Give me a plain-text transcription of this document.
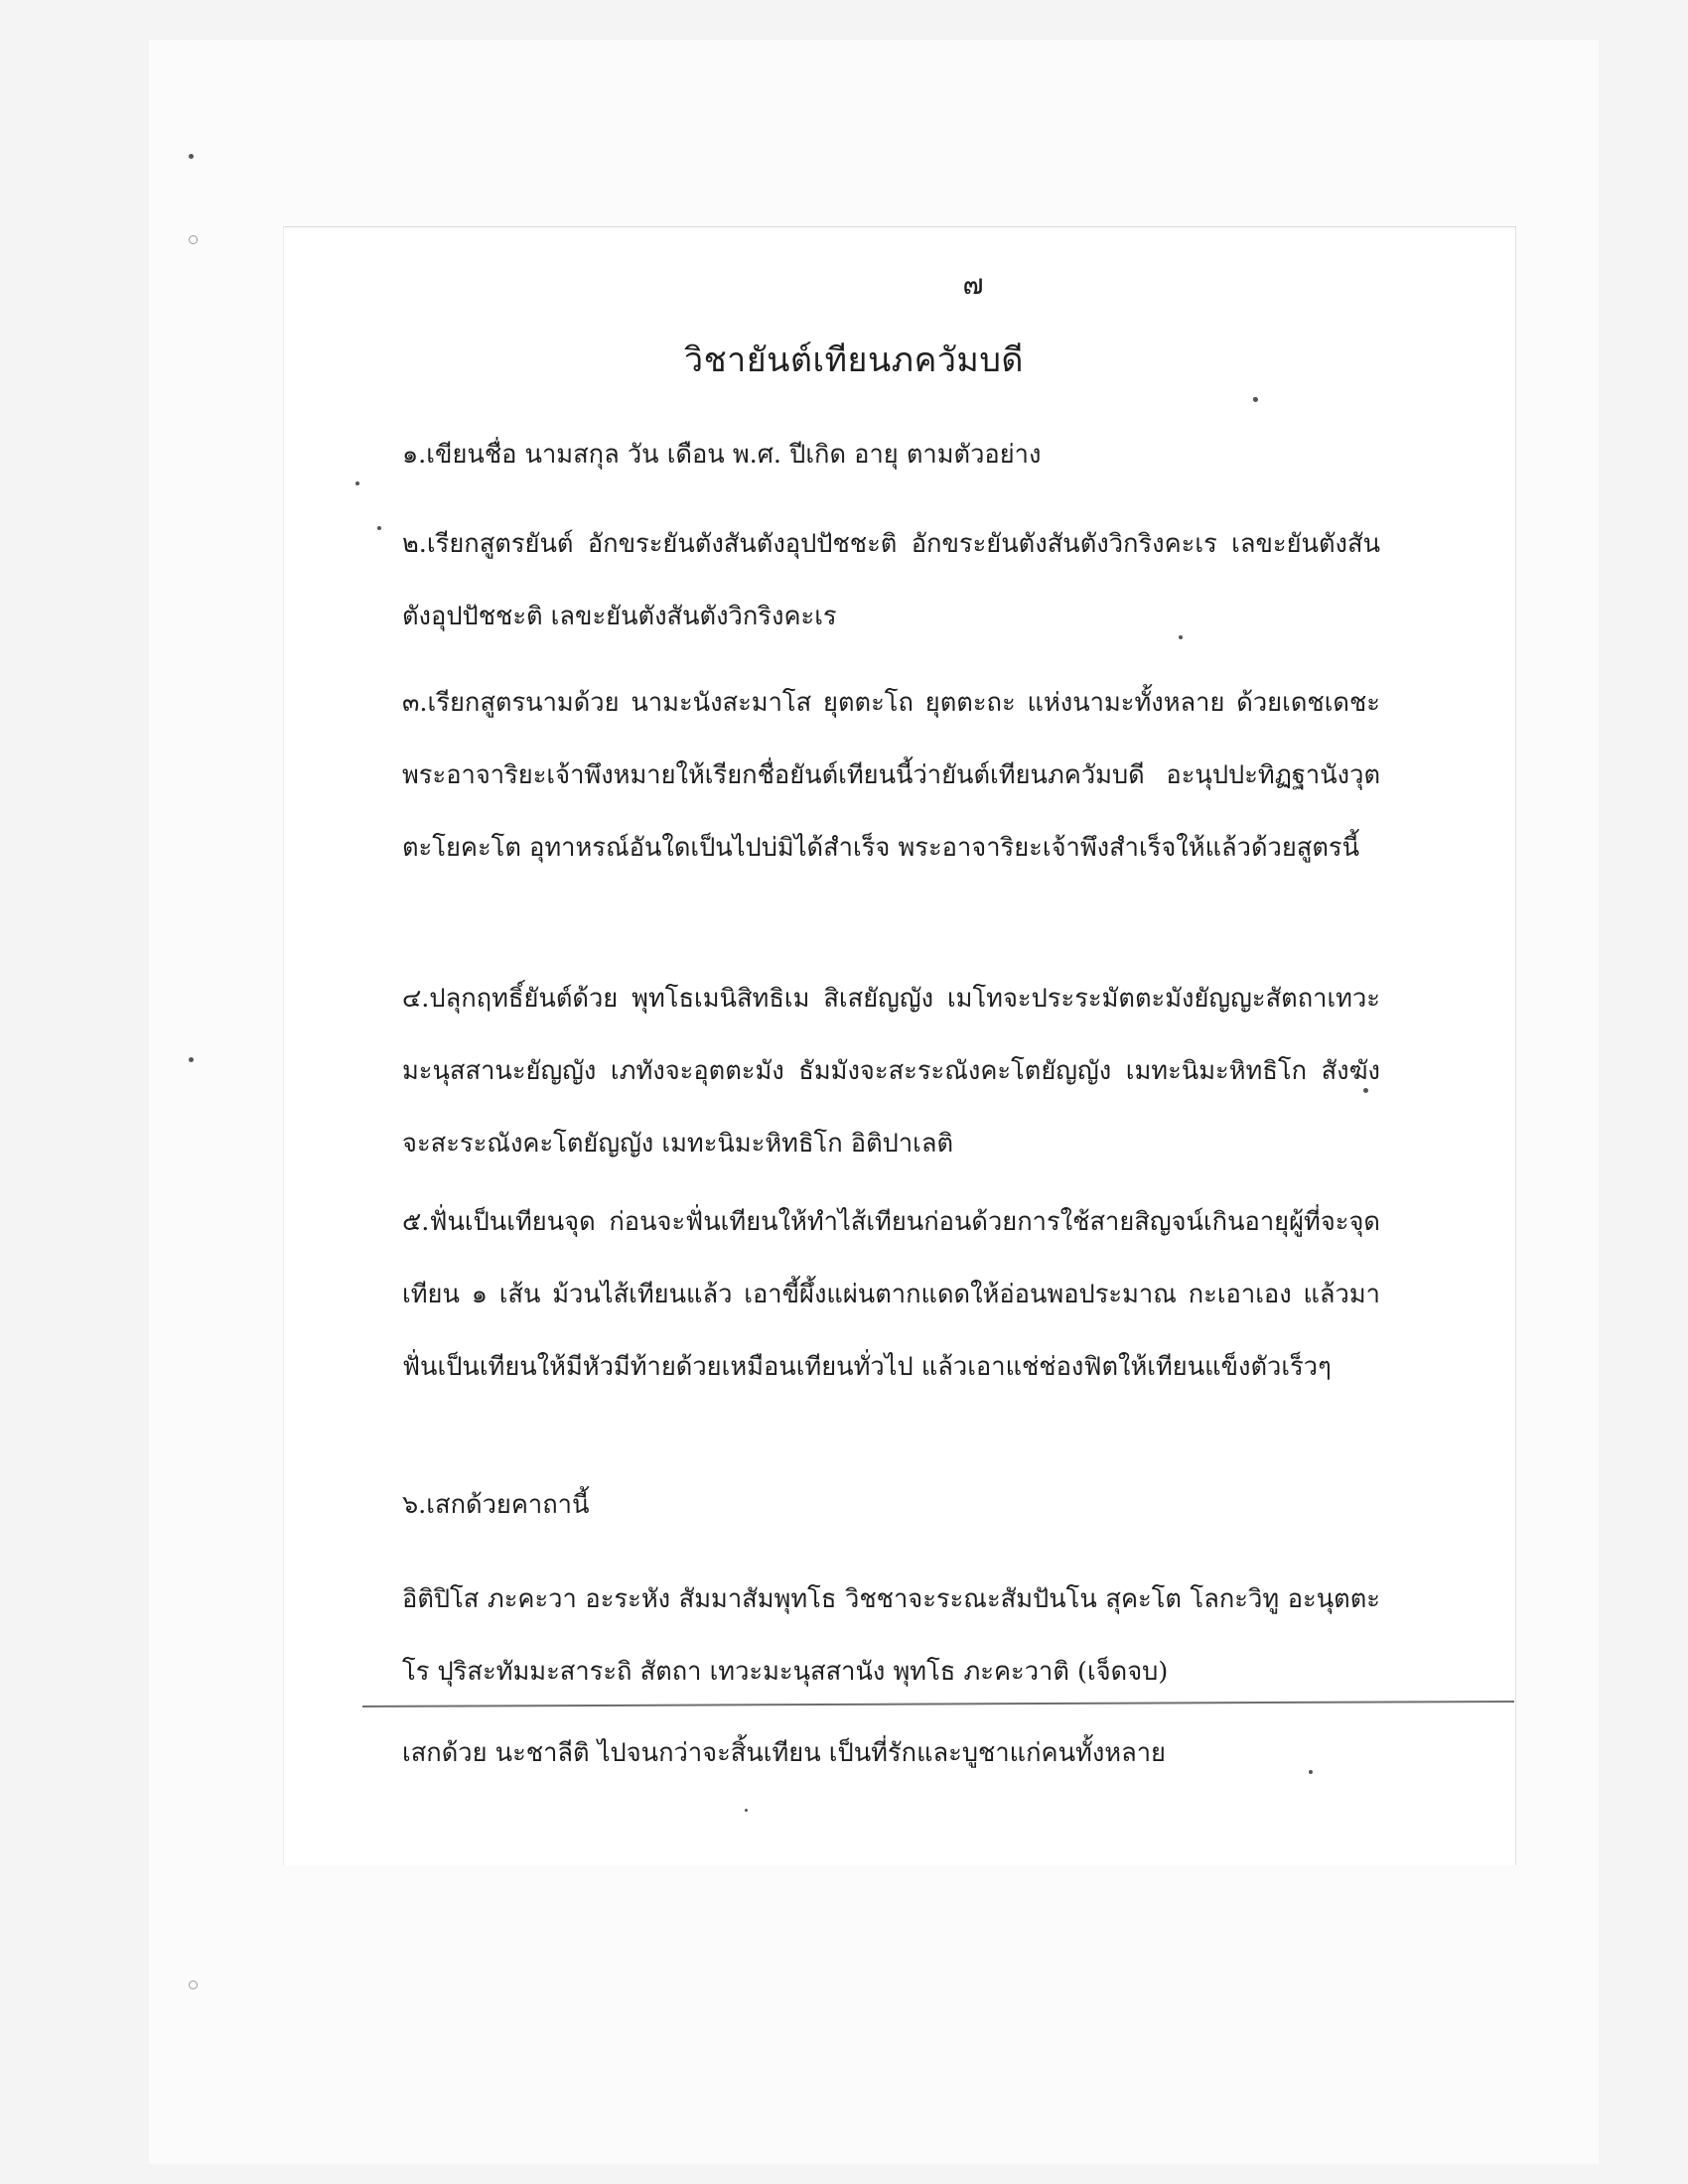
๗
วิชายันต์เทียนภควัมบดี

๑.เขียนชื่อ นามสกุล วัน เดือน พ.ศ. ปีเกิด อายุ ตามตัวอย่าง

๒.เรียกสูตรยันต์ อักขระยันตังสันตังอุปปัชชะติ อักขระยันตังสันตังวิกริงคะเร เลขะยันตังสันตังอุปปัชชะติ เลขะยันตังสันตังวิกริงคะเร

๓.เรียกสูตรนามด้วย นามะนังสะมาโส ยุตตะโถ ยุตตะถะ แห่งนามะทั้งหลาย ด้วยเดชเดชะพระอาจาริยะเจ้าพึงหมายให้เรียกชื่อยันต์เทียนนี้ว่ายันต์เทียนภควัมบดี อะนุปปะทิฏฐานังวุตตะโยคะโต อุทาหรณ์อันใดเป็นไปบ่มิได้สำเร็จ พระอาจาริยะเจ้าพึงสำเร็จให้แล้วด้วยสูตรนี้

๔.ปลุกฤทธิ์ยันต์ด้วย พุทโธเมนิสิทธิเม สิเสยัญญัง เมโทจะประระมัตตะมังยัญญะสัตถาเทวะมะนุสสานะยัญญัง เภทังจะอุตตะมัง ธัมมังจะสะระณังคะโตยัญญัง เมทะนิมะหิทธิโก สังฆังจะสะระณังคะโตยัญญัง เมทะนิมะหิทธิโก อิติปาเลติ

๕.ฟั่นเป็นเทียนจุด ก่อนจะฟั่นเทียนให้ทำไส้เทียนก่อนด้วยการใช้สายสิญจน์เกินอายุผู้ที่จะจุดเทียน ๑ เส้น ม้วนไส้เทียนแล้ว เอาขี้ผึ้งแผ่นตากแดดให้อ่อนพอประมาณ กะเอาเอง แล้วมาฟั่นเป็นเทียนให้มีหัวมีท้ายด้วยเหมือนเทียนทั่วไป แล้วเอาแช่ช่องฟิตให้เทียนแข็งตัวเร็วๆ

๖.เสกด้วยคาถานี้

อิติปิโส ภะคะวา อะระหัง สัมมาสัมพุทโธ วิชชาจะระณะสัมปันโน สุคะโต โลกะวิทู อะนุตตะโร ปุริสะทัมมะสาระถิ สัตถา เทวะมะนุสสานัง พุทโธ ภะคะวาติ (เจ็ดจบ)

เสกด้วย นะชาลีติ ไปจนกว่าจะสิ้นเทียน เป็นที่รักและบูชาแก่คนทั้งหลาย
